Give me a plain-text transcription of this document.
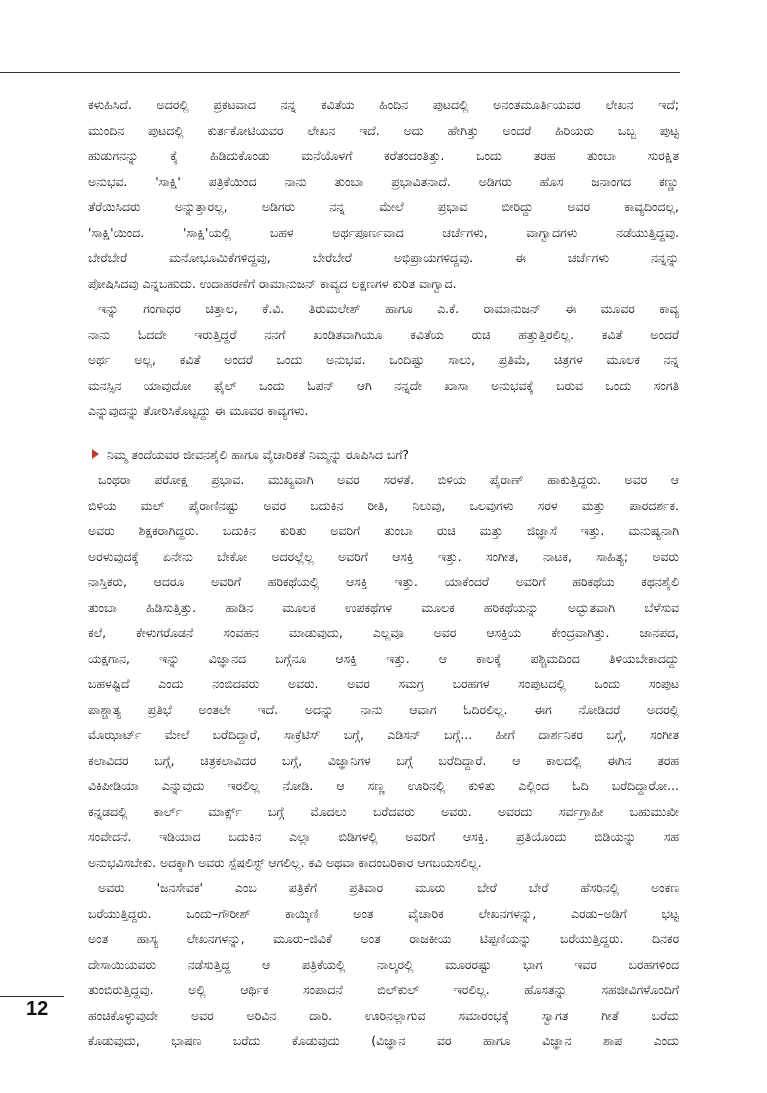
ಕಳುಹಿಸಿದೆ. ಅದರಲ್ಲಿ ಪ್ರಕಟವಾದ ನನ್ನ ಕವಿತೆಯ ಹಿಂದಿನ ಪುಟದಲ್ಲಿ ಅನಂತಮೂರ್ತಿಯವರ ಲೇಖನ ಇದೆ;
ಮುಂದಿನ ಪುಟದಲ್ಲಿ ಕುರ್ತಕೋಟಿಯವರ ಲೇಖನ ಇದೆ. ಅದು ಹೇಗಿತ್ತು ಅಂದರೆ ಹಿರಿಯರು ಒಬ್ಬ ಪುಟ್ಟ
ಹುಡುಗನನ್ನು ಕೈ ಹಿಡಿದುಕೊಂಡು ಮನೆಯೊಳಗೆ ಕರೆತಂದಂತಿತ್ತು. ಒಂದು ತರಹ ತುಂಬಾ ಸುರಕ್ಷಿತ
ಅನುಭವ. 'ಸಾಕ್ಷಿ' ಪತ್ರಿಕೆಯಿಂದ ನಾನು ತುಂಬಾ ಪ್ರಭಾವಿತನಾದೆ. ಅಡಿಗರು ಹೊಸ ಜನಾಂಗದ ಕಣ್ಣು
ತೆರೆಯಿಸಿದರು ಅನ್ನುತ್ತಾರಲ್ಲ, ಅಡಿಗರು ನನ್ನ ಮೇಲೆ ಪ್ರಭಾವ ಬೀರಿದ್ದು ಅವರ ಕಾವ್ಯದಿಂದಲ್ಲ,
'ಸಾಕ್ಷಿ'ಯಿಂದ. 'ಸಾಕ್ಷಿ'ಯಲ್ಲಿ ಬಹಳ ಅರ್ಥಪೂರ್ಣವಾದ ಚರ್ಚೆಗಳು, ವಾಗ್ವಾದಗಳು ನಡೆಯುತ್ತಿದ್ದವು.
ಬೇರೆಬೇರೆ ಮನೋಭೂಮಿಕೆಗಳಿದ್ದವು, ಬೇರೆಬೇರೆ ಅಭಿಪ್ರಾಯಗಳಿದ್ದವು. ಈ ಚರ್ಚೆಗಳು ನನ್ನನ್ನು
ಪೋಷಿಸಿದವು ಎನ್ನಬಹುದು. ಉದಾಹರಣೆಗೆ ರಾಮಾನುಜನ್ ಕಾವ್ಯದ ಲಕ್ಷಣಗಳ ಕುರಿತ ವಾಗ್ವಾದ.
ಇನ್ನು ಗಂಗಾಧರ ಚಿತ್ತಾಲ, ಕೆ.ವಿ. ತಿರುಮಲೇಶ್ ಹಾಗೂ ಎ.ಕೆ. ರಾಮಾನುಜನ್ ಈ ಮೂವರ ಕಾವ್ಯ
ನಾನು ಓದದೇ ಇರುತ್ತಿದ್ದರೆ ನನಗೆ ಖಂಡಿತವಾಗಿಯೂ ಕವಿತೆಯ ರುಚಿ ಹತ್ತುತ್ತಿರಲಿಲ್ಲ. ಕವಿತೆ ಅಂದರೆ
ಅರ್ಥ ಅಲ್ಲ, ಕವಿತೆ ಅಂದರೆ ಒಂದು ಅನುಭವ. ಒಂದಿಷ್ಟು ಸಾಲು, ಪ್ರತಿಮೆ, ಚಿತ್ರಗಳ ಮೂಲಕ ನನ್ನ
ಮನಸ್ಸಿನ ಯಾವುದೋ ಫೈಲ್ ಒಂದು ಓಪನ್ ಆಗಿ ನನ್ನದೇ ಖಾಸಾ ಅನುಭವಕ್ಕೆ ಬರುವ ಒಂದು ಸಂಗತಿ
ಎನ್ನುವುದನ್ನು ತೋರಿಸಿಕೊಟ್ಟದ್ದು ಈ ಮೂವರ ಕಾವ್ಯಗಳು.
ನಿಮ್ಮ ತಂದೆಯವರ ಜೀವನಶೈಲಿ ಹಾಗೂ ವೈಚಾರಿಕತೆ ನಿಮ್ಮನ್ನು ರೂಪಿಸಿದ ಬಗೆ?
ಒಂಥರಾ ಪರೋಕ್ಷ ಪ್ರಭಾವ. ಮುಖ್ಯವಾಗಿ ಅವರ ಸರಳತೆ. ಬಿಳಿಯ ಪೈರಾಣ್ ಹಾಕುತ್ತಿದ್ದರು. ಅವರ ಆ
ಬಿಳಿಯ ಮಲ್ ಪೈರಾಣಿನಷ್ಟು ಅವರ ಬದುಕಿನ ರೀತಿ, ನಿಲುವು, ಒಲವುಗಳು ಸರಳ ಮತ್ತು ಪಾರದರ್ಶಕ.
ಅವರು ಶಿಕ್ಷಕರಾಗಿದ್ದರು. ಬದುಕಿನ ಕುರಿತು ಅವರಿಗೆ ತುಂಬಾ ರುಚಿ ಮತ್ತು ಜಿಜ್ಞಾಸೆ ಇತ್ತು. ಮನುಷ್ಯನಾಗಿ
ಅರಳುವುದಕ್ಕೆ ಏನೇನು ಬೇಕೋ ಅದರಲ್ಲೆಲ್ಲ ಅವರಿಗೆ ಆಸಕ್ತಿ ಇತ್ತು. ಸಂಗೀತ, ನಾಟಕ, ಸಾಹಿತ್ಯ; ಅವರು
ನಾಸ್ತಿಕರು, ಆದರೂ ಅವರಿಗೆ ಹರಿಕಥೆಯಲ್ಲಿ ಆಸಕ್ತಿ ಇತ್ತು. ಯಾಕೆಂದರೆ ಅವರಿಗೆ ಹರಿಕಥೆಯ ಕಥನಶೈಲಿ
ತುಂಬಾ ಹಿಡಿಸುತ್ತಿತ್ತು. ಹಾಡಿನ ಮೂಲಕ ಉಪಕಥೆಗಳ ಮೂಲಕ ಹರಿಕಥೆಯನ್ನು ಅದ್ಭುತವಾಗಿ ಬೆಳೆಸುವ
ಕಲೆ, ಕೇಳುಗರೊಡನೆ ಸಂವಹನ ಮಾಡುವುದು, ಎಲ್ಲವೂ ಅವರ ಆಸಕ್ತಿಯ ಕೇಂದ್ರವಾಗಿತ್ತು. ಜಾನಪದ,
ಯಕ್ಷಗಾನ, ಇನ್ನು ವಿಜ್ಞಾನದ ಬಗ್ಗೆನೂ ಆಸಕ್ತಿ ಇತ್ತು. ಆ ಕಾಲಕ್ಕೆ ಪಶ್ಚಿಮದಿಂದ ತಿಳಿಯಬೇಕಾದದ್ದು
ಬಹಳಷ್ಟಿದೆ ಎಂದು ನಂಬಿದವರು ಅವರು. ಅವರ ಸಮಗ್ರ ಬರಹಗಳ ಸಂಪುಟದಲ್ಲಿ ಒಂದು ಸಂಪುಟ
ಪಾಶ್ಚಾತ್ಯ ಪ್ರತಿಭೆ ಅಂತಲೇ ಇದೆ. ಅದನ್ನು ನಾನು ಆವಾಗ ಓದಿರಲಿಲ್ಲ. ಈಗ ನೋಡಿದರೆ ಅದರಲ್ಲಿ
ಮೊಝಾರ್ಟ್ ಮೇಲೆ ಬರೆದಿದ್ದಾರೆ, ಸಾಕ್ರೆಟಿಸ್ ಬಗ್ಗೆ, ಎಡಿಸನ್ ಬಗ್ಗೆ... ಹೀಗೆ ದಾರ್ಶನಿಕರ ಬಗ್ಗೆ, ಸಂಗೀತ
ಕಲಾವಿದರ ಬಗ್ಗೆ, ಚಿತ್ರಕಲಾವಿದರ ಬಗ್ಗೆ, ವಿಜ್ಞಾನಿಗಳ ಬಗ್ಗೆ ಬರೆದಿದ್ದಾರೆ. ಆ ಕಾಲದಲ್ಲಿ ಈಗಿನ ತರಹ
ವಿಕಿಪೀಡಿಯಾ ಎನ್ನುವುದು ಇರಲಿಲ್ಲ ನೋಡಿ. ಆ ಸಣ್ಣ ಊರಿನಲ್ಲಿ ಕುಳಿತು ಎಲ್ಲಿಂದ ಓದಿ ಬರೆದಿದ್ದಾರೋ...
ಕನ್ನಡದಲ್ಲಿ ಕಾರ್ಲ್ ಮಾರ್ಕ್ಸ್ ಬಗ್ಗೆ ಮೊದಲು ಬರೆದವರು ಅವರು. ಅವರದು ಸರ್ವಗ್ರಾಹೀ ಬಹುಮುಖೀ
ಸಂವೇದನೆ. ಇಡಿಯಾದ ಬದುಕಿನ ಎಲ್ಲಾ ಬಿಡಿಗಳಲ್ಲಿ ಅವರಿಗೆ ಆಸಕ್ತಿ. ಪ್ರತಿಯೊಂದು ಬಿಡಿಯನ್ನು ಸಹ
ಅನುಭವಿಸಬೇಕು. ಅದಕ್ಕಾಗಿ ಅವರು ಸ್ಪೆಷಲಿಸ್ಟ್ ಆಗಲಿಲ್ಲ. ಕವಿ ಅಥವಾ ಕಾದಂಬರಿಕಾರ ಆಗಬಯಸಲಿಲ್ಲ.
ಅವರು 'ಜನಸೇವಕ' ಎಂಬ ಪತ್ರಿಕೆಗೆ ಪ್ರತಿವಾರ ಮೂರು ಬೇರೆ ಬೇರೆ ಹೆಸರಿನಲ್ಲಿ ಅಂಕಣ
ಬರೆಯುತ್ತಿದ್ದರು. ಒಂದು–ಗೌರೀಶ್ ಕಾಯ್ಕಿಣಿ ಅಂತ ವೈಚಾರಿಕ ಲೇಖನಗಳನ್ನು, ಎರಡು–ಅಡಿಗೆ ಭಟ್ಟ
ಅಂತ ಹಾಸ್ಯ ಲೇಖನಗಳನ್ನು, ಮೂರು–ಜಿವಿಕೆ ಅಂತ ರಾಜಕೀಯ ಟಿಪ್ಪಣಿಯನ್ನು ಬರೆಯುತ್ತಿದ್ದರು. ದಿನಕರ
ದೇಸಾಯಿಯವರು ನಡೆಸುತ್ತಿದ್ದ ಆ ಪತ್ರಿಕೆಯಲ್ಲಿ ನಾಲ್ಕರಲ್ಲಿ ಮೂರರಷ್ಟು ಭಾಗ ಇವರ ಬರಹಗಳಿಂದ
ತುಂಬಿರುತ್ತಿದ್ದವು. ಅಲ್ಲಿ ಆರ್ಥಿಕ ಸಂಪಾದನೆ ಬಿಲ್‌ಕುಲ್ ಇರಲಿಲ್ಲ. ಹೊಸತನ್ನು ಸಹಜೀವಿಗಳೊಂದಿಗೆ
ಹಂಚಿಕೊಳ್ಳುವುದೇ ಅವರ ಅರಿವಿನ ದಾರಿ. ಊರಿನಲ್ಲಾಗುವ ಸಮಾರಂಭಕ್ಕೆ ಸ್ವಾಗತ ಗೀತೆ ಬರೆದು
ಕೊಡುವುದು, ಭಾಷಣ ಬರೆದು ಕೊಡುವುದು (ವಿಜ್ಞಾನ ವರ ಹಾಗೂ ವಿಜ್ಞಾನ ಶಾಪ ಎಂದು
12
